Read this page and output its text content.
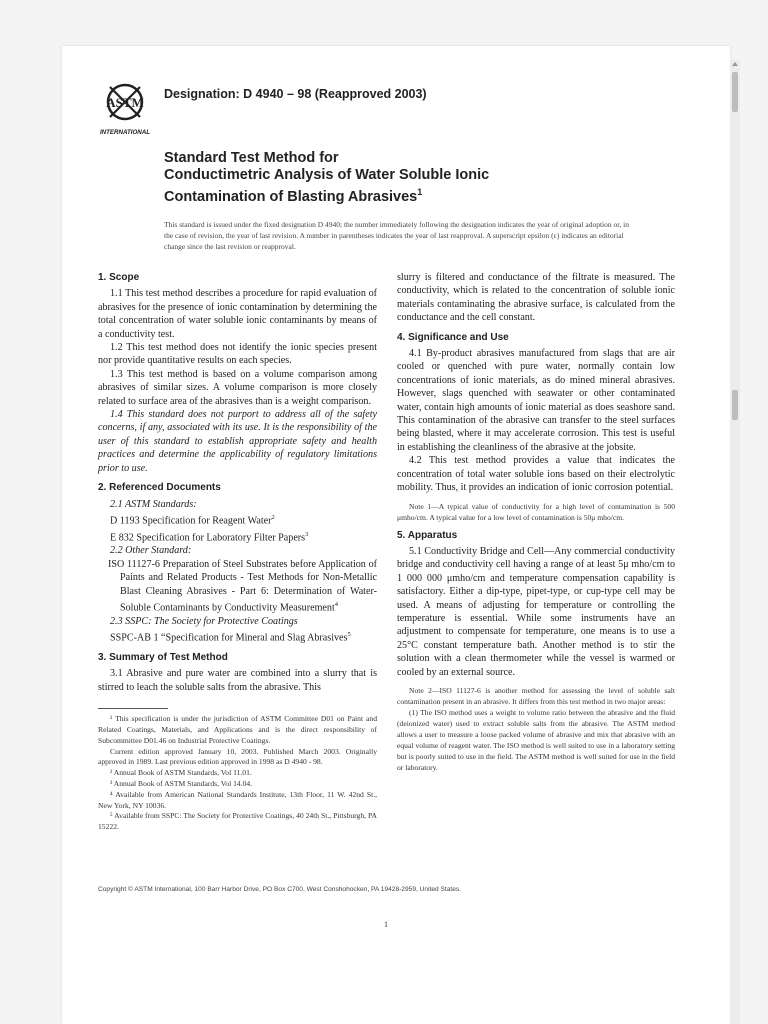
ASTM
INTERNATIONAL
Designation: D 4940 – 98 (Reapproved 2003)
Standard Test Method for
Conductimetric Analysis of Water Soluble Ionic
Contamination of Blasting Abrasives$^1$
This standard is issued under the fixed designation D 4940; the number immediately following the designation indicates the year of original adoption or, in the case of revision, the year of last revision. A number in parentheses indicates the year of last reapproval. A superscript epsilon (ε) indicates an editorial change since the last revision or reapproval.
1. Scope

1.1 This test method describes a procedure for rapid evaluation of abrasives for the presence of ionic contamination by determining the total concentration of water soluble ionic contaminants by means of a conductivity test.

1.2 This test method does not identify the ionic species present nor provide quantitative results on each species.

1.3 This test method is based on a volume comparison among abrasives of similar sizes. A volume comparison is more closely related to surface area of the abrasives than is a weight comparison.

1.4 This standard does not purport to address all of the safety concerns, if any, associated with its use. It is the responsibility of the user of this standard to establish appropriate safety and health practices and determine the applicability of regulatory limitations prior to use.

2. Referenced Documents

2.1 ASTM Standards:

D 1193 Specification for Reagent Water$^2$

E 832 Specification for Laboratory Filter Papers$^3$

2.2 Other Standard:

ISO 11127-6 Preparation of Steel Substrates before Application of Paints and Related Products - Test Methods for Non-Metallic Blast Cleaning Abrasives - Part 6: Determination of Water-Soluble Contaminants by Conductivity Measurement$^4$

2.3 SSPC: The Society for Protective Coatings

SSPC-AB 1 “Specification for Mineral and Slag Abrasives$^5$

3. Summary of Test Method

3.1 Abrasive and pure water are combined into a slurry that is stirred to leach the soluble salts from the abrasive. This

¹ This specification is under the jurisdiction of ASTM Committee D01 on Paint and Related Coatings, Materials, and Applications and is the direct responsibility of Subcommittee D01.46 on Industrial Protective Coatings.

Current edition approved January 10, 2003. Published March 2003. Originally approved in 1989. Last previous edition approved in 1998 as D 4940 - 98.

² Annual Book of ASTM Standards, Vol 11.01.

³ Annual Book of ASTM Standards, Vol 14.04.

⁴ Available from American National Standards Institute, 13th Floor, 11 W. 42nd St., New York, NY 10036.

⁵ Available from SSPC: The Society for Protective Coatings, 40 24th St., Pittsburgh, PA 15222.

slurry is filtered and conductance of the filtrate is measured. The conductivity, which is related to the concentration of soluble ionic materials contaminating the abrasive surface, is calculated from the conductance and the cell constant.

4. Significance and Use

4.1 By-product abrasives manufactured from slags that are air cooled or quenched with pure water, normally contain low concentrations of ionic materials, as do mined mineral abrasives. However, slags quenched with seawater or other contaminated water, contain high amounts of ionic material as does seashore sand. This contamination of the abrasive can transfer to the steel surfaces being blasted, where it may accelerate corrosion. This test is useful in establishing the cleanliness of the abrasive at the jobsite.

4.2 This test method provides a value that indicates the concentration of total water soluble ions based on their electrolytic mobility. Thus, it provides an indication of ionic corrosion potential.

Note 1—A typical value of conductivity for a high level of contamination is 500 μmho/cm. A typical value for a low level of contamination is 50μ mho/cm.

5. Apparatus

5.1 Conductivity Bridge and Cell—Any commercial conductivity bridge and conductivity cell having a range of at least 5μ mho/cm to 1 000 000 μmho/cm and temperature compensation capability is satisfactory. Either a dip-type, pipet-type, or cup-type cell may be used. A means of adjusting for temperature or controlling the temperature is essential. While some instruments have an adjustment to compensate for temperature, one means is to use a 25°C constant temperature bath. Another method is to stir the solution with a clean thermometer while the vessel is warmed or cooled by an external source.

Note 2—ISO 11127-6 is another method for assessing the level of soluble salt contamination present in an abrasive. It differs from this test method in two major areas:

(1) The ISO method uses a weight to volume ratio between the abrasive and the fluid (deionized water) used to extract soluble salts from the abrasive. The ASTM method allows a user to measure a loose packed volume of abrasive and mix that abrasive with an equal volume of reagent water. The ISO method is well suited to use in a laboratory setting but is poorly suited to use in the field. The ASTM method is well suited for use in the field or laboratory.

Copyright © ASTM International, 100 Barr Harbor Drive, PO Box C700, West Conshohocken, PA 19428-2959, United States.
1
